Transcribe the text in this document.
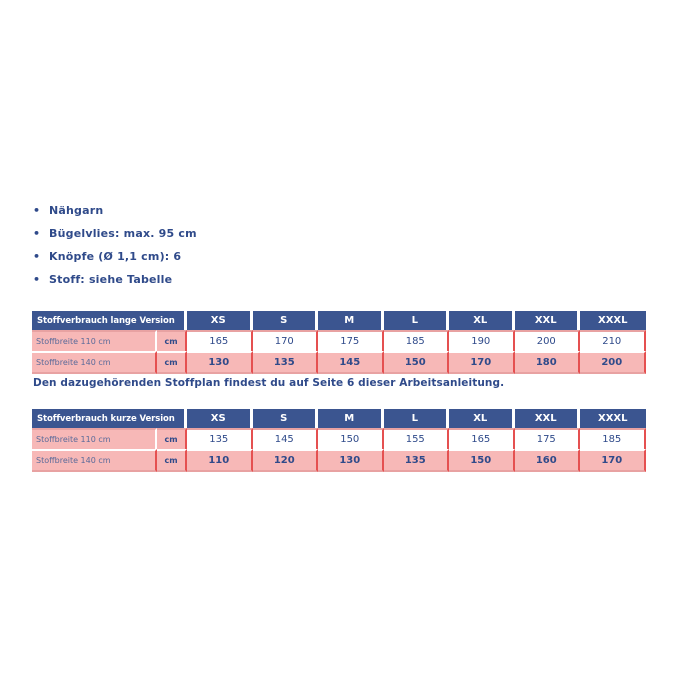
• Nähgarn
• Bügelvlies: max. 95 cm
• Knöpfe (Ø 1,1 cm): 6
• Stoff: siehe Tabelle
Stoffverbrauch lange Version		XS	S	M	L	XL	XXL	XXXL
Stoffbreite 110 cm	cm	165	170	175	185	190	200	210
Stoffbreite 140 cm	cm	130	135	145	150	170	180	200
Den dazugehörenden Stoffplan findest du auf Seite 6 dieser Arbeitsanleitung.
Stoffverbrauch kurze Version		XS	S	M	L	XL	XXL	XXXL
Stoffbreite 110 cm	cm	135	145	150	155	165	175	185
Stoffbreite 140 cm	cm	110	120	130	135	150	160	170
